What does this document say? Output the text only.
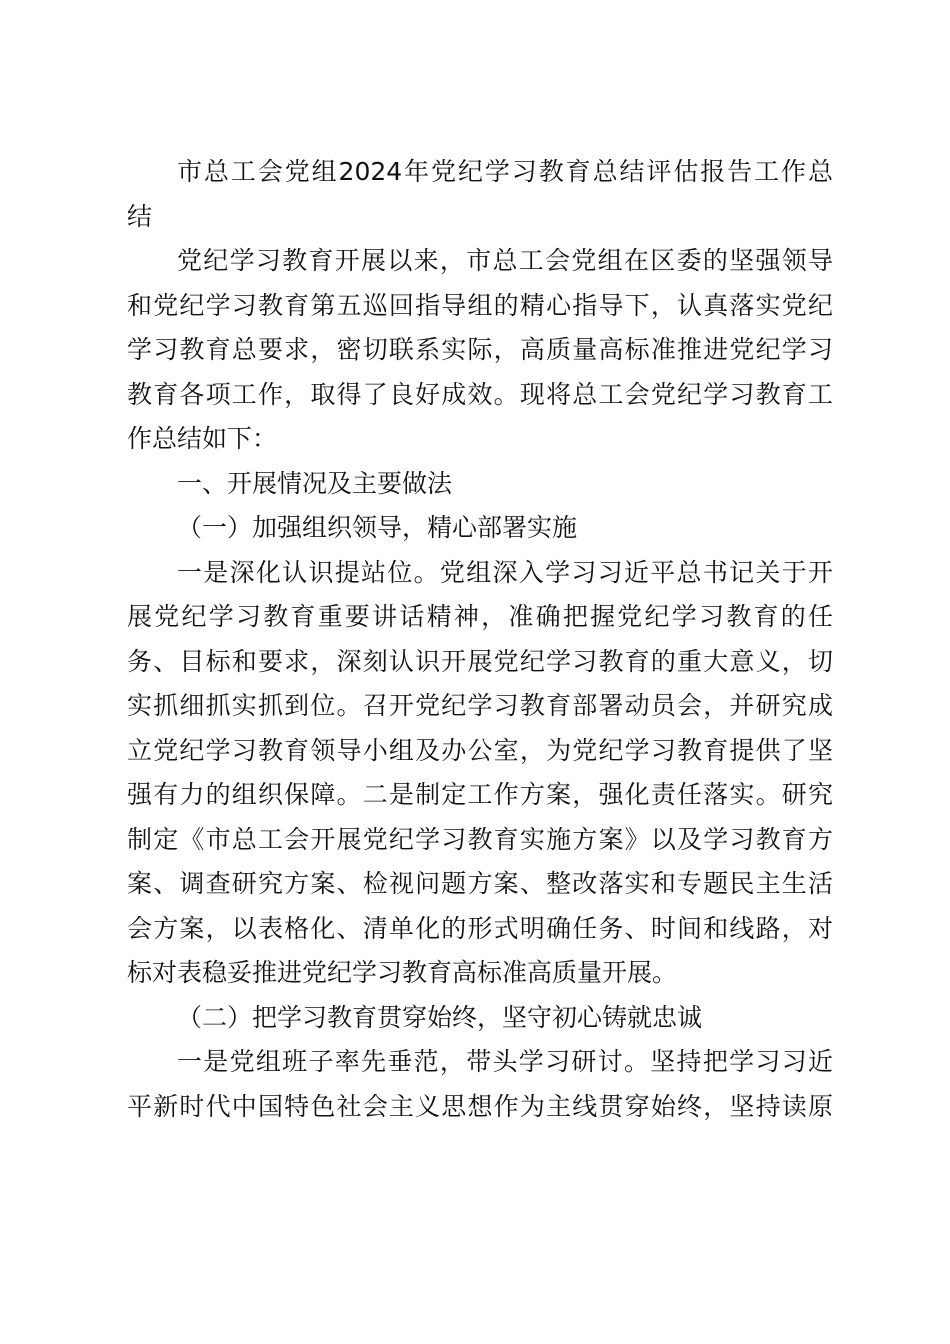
市总工会党组2024年党纪学习教育总结评估报告工作总
结

党纪学习教育开展以来，市总工会党组在区委的坚强领导
和党纪学习教育第五巡回指导组的精心指导下，认真落实党纪
学习教育总要求，密切联系实际，高质量高标准推进党纪学习
教育各项工作，取得了良好成效。现将总工会党纪学习教育工
作总结如下：

一、开展情况及主要做法

（一）加强组织领导，精心部署实施

一是深化认识提站位。党组深入学习习近平总书记关于开
展党纪学习教育重要讲话精神，准确把握党纪学习教育的任
务、目标和要求，深刻认识开展党纪学习教育的重大意义，切
实抓细抓实抓到位。召开党纪学习教育部署动员会，并研究成
立党纪学习教育领导小组及办公室，为党纪学习教育提供了坚
强有力的组织保障。二是制定工作方案，强化责任落实。研究
制定《市总工会开展党纪学习教育实施方案》以及学习教育方
案、调查研究方案、检视问题方案、整改落实和专题民主生活
会方案，以表格化、清单化的形式明确任务、时间和线路，对
标对表稳妥推进党纪学习教育高标准高质量开展。

（二）把学习教育贯穿始终，坚守初心铸就忠诚

一是党组班子率先垂范，带头学习研讨。坚持把学习习近
平新时代中国特色社会主义思想作为主线贯穿始终，坚持读原
